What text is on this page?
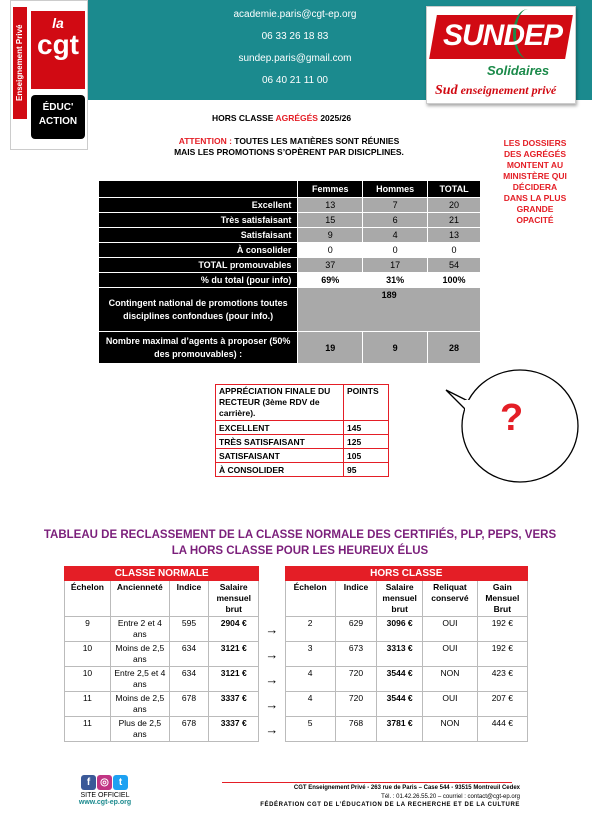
Enseignement Privé
la
cgt
ÉDUC'
ACTION
academie.paris@cgt-ep.org
06 33 26 18 83
sundep.paris@gmail.com
06 40 21 11 00
SUNDEP
Solidaires
Sud enseignement privé
HORS CLASSE AGRÉGÉS 2025/26
ATTENTION : TOUTES LES MATIÈRES SONT RÉUNIES MAIS LES PROMOTIONS S’OPÈRENT PAR DISICPLINES.
LES DOSSIERS DES AGRÉGÉS MONTENT AU MINISTÈRE QUI DÉCIDERA DANS LA PLUS GRANDE OPACITÉ
	Femmes	Hommes	TOTAL
Excellent	13	7	20
Très satisfaisant	15	6	21
Satisfaisant	9	4	13
À consolider	0	0	0
TOTAL promouvables	37	17	54
% du total (pour info)	69%	31%	100%
Contingent national de promotions toutes disciplines confondues (pour info.)	189		
Nombre maximal d’agents à proposer (50% des promouvables) :	19	9	28
APPRÉCIATION FINALE DU RECTEUR (3ème RDV de carrière).	POINTS
EXCELLENT	145
TRÈS SATISFAISANT	125
SATISFAISANT	105
À CONSOLIDER	95
?
TABLEAU DE RECLASSEMENT DE LA CLASSE NORMALE DES CERTIFIÉS, PLP, PEPS, VERS LA HORS CLASSE POUR LES HEUREUX ÉLUS
CLASSE NORMALE					HORS CLASSE				
Échelon	Ancienneté	Indice	Salaire mensuel brut		Échelon	Indice	Salaire mensuel brut	Reliquat conservé	Gain Mensuel Brut
9	Entre 2 et 4 ans	595	2904 €	→	2	629	3096 €	OUI	192 €
10	Moins de 2,5 ans	634	3121 €	→	3	673	3313 €	OUI	192 €
10	Entre 2,5 et 4 ans	634	3121 €	→	4	720	3544 €	NON	423 €
11	Moins de 2,5 ans	678	3337 €	→	4	720	3544 €	OUI	207 €
11	Plus de 2,5 ans	678	3337 €	→	5	768	3781 €	NON	444 €
f ◎ t
SITE OFFICIEL
www.cgt-ep.org
CGT Enseignement Privé - 263 rue de Paris – Case 544 - 93515 Montreuil Cedex
Tél. : 01.42.26.55.20 – courriel : contact@cgt-ep.org
FÉDÉRATION CGT DE L’ÉDUCATION DE LA RECHERCHE ET DE LA CULTURE
